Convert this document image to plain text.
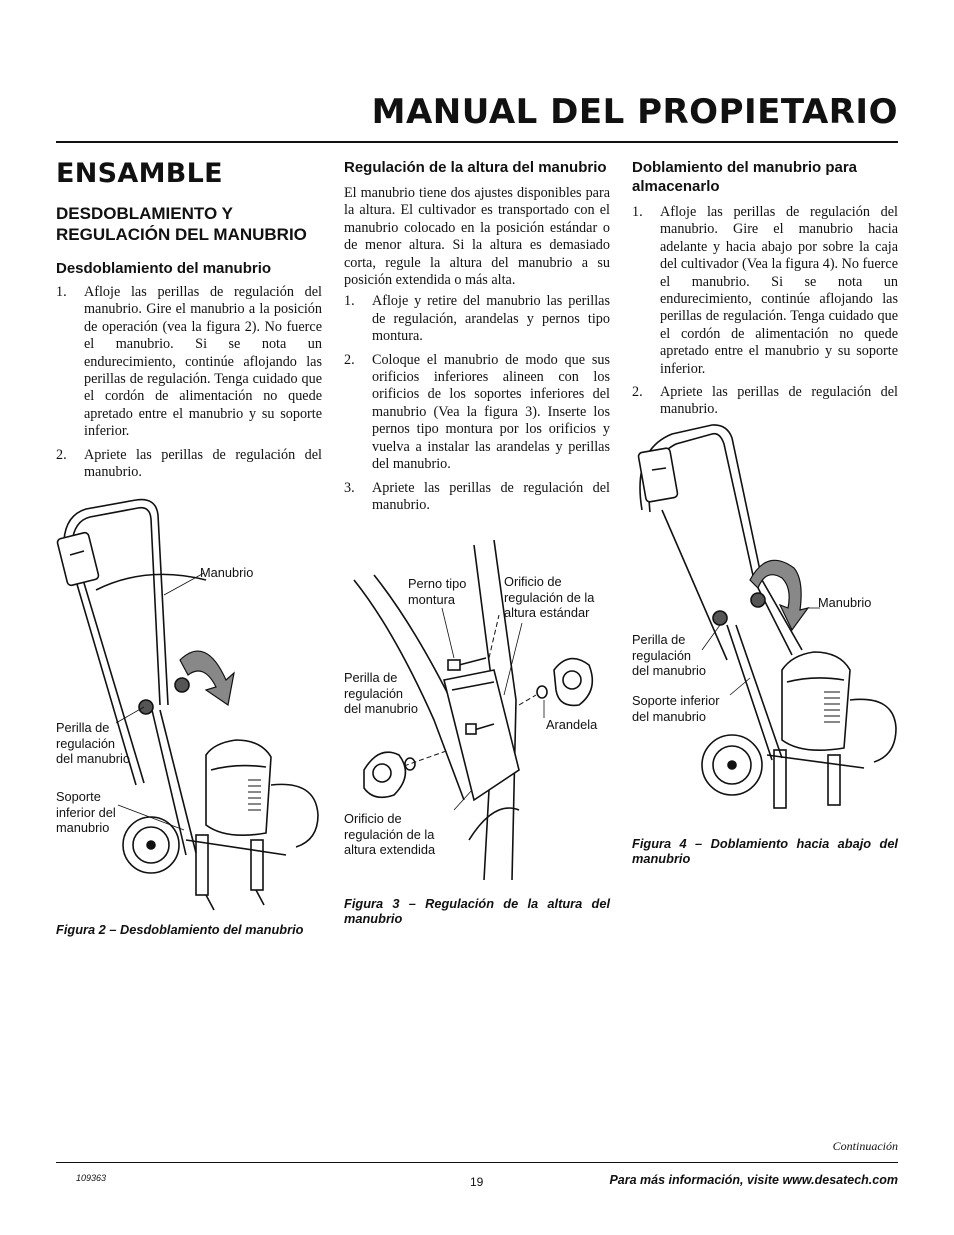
MANUAL DEL PROPIETARIO
ENSAMBLE
DESDOBLAMIENTO Y REGULACIÓN DEL MANUBRIO
Desdoblamiento del manubrio
1.	Afloje las perillas de regulación del manubrio. Gire el manubrio a la posición de operación (vea la figura 2). No fuerce el manubrio. Si se nota un endurecimiento, continúe aflojando las perillas de regulación. Tenga cuidado que el cordón de alimentación no quede apretado entre el manubrio y su soporte inferior.
2.	Apriete las perillas de regulación del manubrio.
Regulación de la altura del manubrio

El manubrio tiene dos ajustes disponibles para la altura. El cultivador es transportado con el manubrio colocado en la posición estándar o de menor altura. Si la altura es demasiado corta, regule la altura del manubrio a su posición extendida o más alta.

1.	Afloje y retire del manubrio las perillas de regulación, arandelas y pernos tipo montura.
2.	Coloque el manubrio de modo que sus orificios inferiores alineen con los orificios de los soportes inferiores del manubrio (Vea la figura 3). Inserte los pernos tipo montura por los orificios y vuelva a instalar las arandelas y perillas del manubrio.
3.	Apriete las perillas de regulación del manubrio.
Doblamiento del manubrio para almacenarlo
1.	Afloje las perillas de regulación del manubrio. Gire el manubrio hacia adelante y hacia abajo por sobre la caja del cultivador (Vea la figura 4). No fuerce el manubrio. Si se nota un endurecimiento, continúe aflojando las perillas de regulación. Tenga cuidado que el cordón de alimentación no quede apretado entre el manubrio y su soporte inferior.
2.	Apriete las perillas de regulación del manubrio.
Manubrio
Perilla de
regulación
del manubrio
Soporte
inferior del
manubrio
Figura 2 – Desdoblamiento del manubrio
Perno tipo
montura
Orificio de
regulación de la
altura estándar
Perilla de
regulación
del manubrio
Arandela
Orificio de
regulación de la
altura extendida
Figura 3 – Regulación de la altura del manubrio
Manubrio
Perilla de
regulación
del manubrio
Soporte inferior
del manubrio
Figura 4 – Doblamiento hacia abajo del manubrio
Continuación
109363	19	Para más información, visite www.desatech.com
